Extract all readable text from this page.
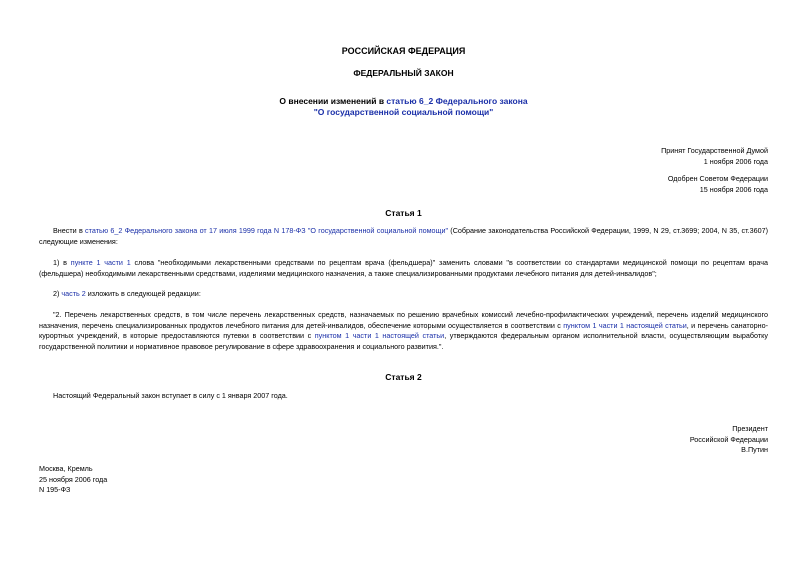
РОССИЙСКАЯ ФЕДЕРАЦИЯ
ФЕДЕРАЛЬНЫЙ ЗАКОН
О внесении изменений в статью 6_2 Федерального закона
"О государственной социальной помощи"
Принят Государственной Думой
1 ноября 2006 года
Одобрен Советом Федерации
15 ноября 2006 года
Статья 1
Внести в статью 6_2 Федерального закона от 17 июля 1999 года N 178-ФЗ "О государственной социальной помощи" (Собрание законодательства Российской Федерации, 1999, N 29, ст.3699; 2004, N 35, ст.3607) следующие изменения:
1) в пункте 1 части 1 слова "необходимыми лекарственными средствами по рецептам врача (фельдшера)" заменить словами "в соответствии со стандартами медицинской помощи по рецептам врача (фельдшера) необходимыми лекарственными средствами, изделиями медицинского назначения, а также специализированными продуктами лечебного питания для детей-инвалидов";
2) часть 2 изложить в следующей редакции:
"2. Перечень лекарственных средств, в том числе перечень лекарственных средств, назначаемых по решению врачебных комиссий лечебно-профилактических учреждений, перечень изделий медицинского назначения, перечень специализированных продуктов лечебного питания для детей-инвалидов, обеспечение которыми осуществляется в соответствии с пунктом 1 части 1 настоящей статьи, и перечень санаторно-курортных учреждений, в которые предоставляются путевки в соответствии с пунктом 1 части 1 настоящей статьи, утверждаются федеральным органом исполнительной власти, осуществляющим выработку государственной политики и нормативное правовое регулирование в сфере здравоохранения и социального развития.".
Статья 2
Настоящий Федеральный закон вступает в силу с 1 января 2007 года.
Президент
Российской Федерации
В.Путин
Москва, Кремль
25 ноября 2006 года
N 195-ФЗ
